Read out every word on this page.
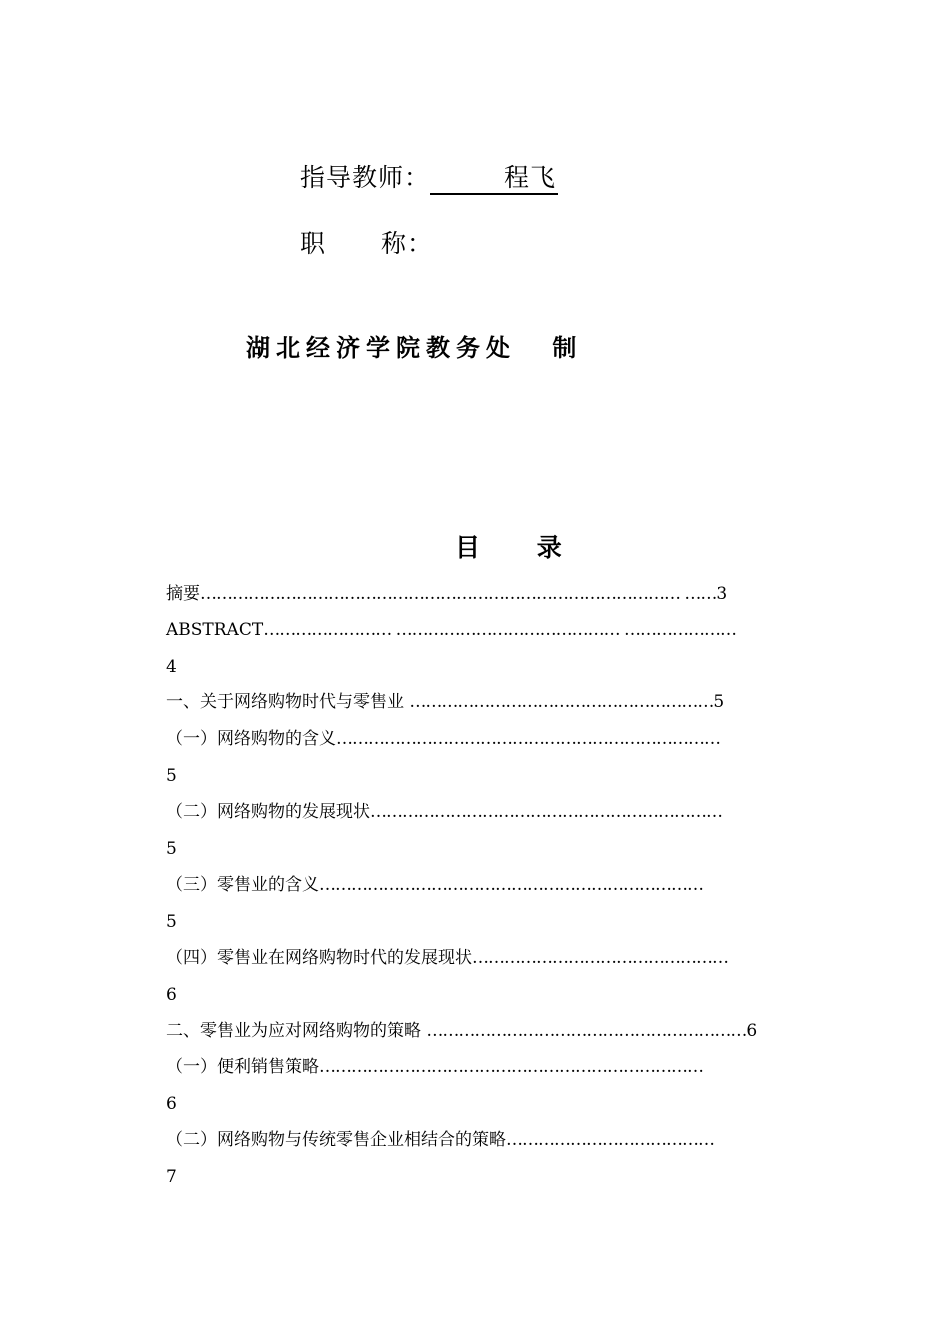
指导教师：	程飞
职 称：
湖北经济学院教务处 制
目 录
摘要……………………………………………………………………………… ……3
ABSTRACT…………………… …………………………………… …………………
4
一、关于网络购物时代与零售业 …………………………………………………5
（一）网络购物的含义………………………………………………………………
5
（二）网络购物的发展现状…………………………………………………………
5
（三）零售业的含义………………………………………………………………
5
（四）零售业在网络购物时代的发展现状…………………………………………
6
二、零售业为应对网络购物的策略 ……………………………………………………6
（一）便利销售策略………………………………………………………………
6
（二）网络购物与传统零售企业相结合的策略…………………………………
7
